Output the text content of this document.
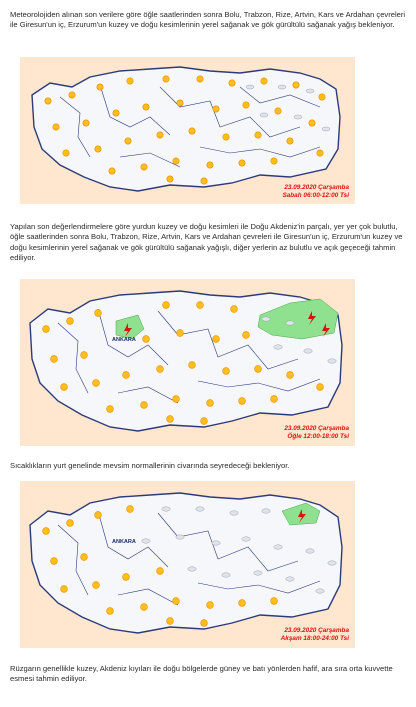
Meteorolojiden alınan son verilere göre öğle saatlerinden sonra Bolu, Trabzon, Rize, Artvin, Kars ve Ardahan çevreleri ile Giresun'un iç, Erzurum'un kuzey ve doğu kesimlerinin yerel sağanak ve gök gürültülü sağanak yağış bekleniyor.

23.09.2020 Çarşamba
Sabah 06:00-12:00 Tsi

Yapılan son değerlendirmelere göre yurdun kuzey ve doğu kesimleri ile Doğu Akdeniz'in parçalı, yer yer çok bulutlu, öğle saatlerinden sonra Bolu, Trabzon, Rize, Artvin, Kars ve Ardahan çevreleri ile Giresun'un iç, Erzurum'un kuzey ve doğu kesimlerinin yerel sağanak ve gök gürültülü sağanak yağışlı, diğer yerlerin az bulutlu ve açık geçeceği tahmin ediliyor.

ANKARA
23.09.2020 Çarşamba
Öğle 12:00-18:00 Tsi

Sıcaklıkların yurt genelinde mevsim normallerinin civarında seyredeceği bekleniyor.

ANKARA
23.09.2020 Çarşamba
Akşam 18:00-24:00 Tsi

Rüzgarın genellikle kuzey, Akdeniz kıyıları ile doğu bölgelerde güney ve batı yönlerden hafif, ara sıra orta kuvvette esmesi tahmin ediliyor.
